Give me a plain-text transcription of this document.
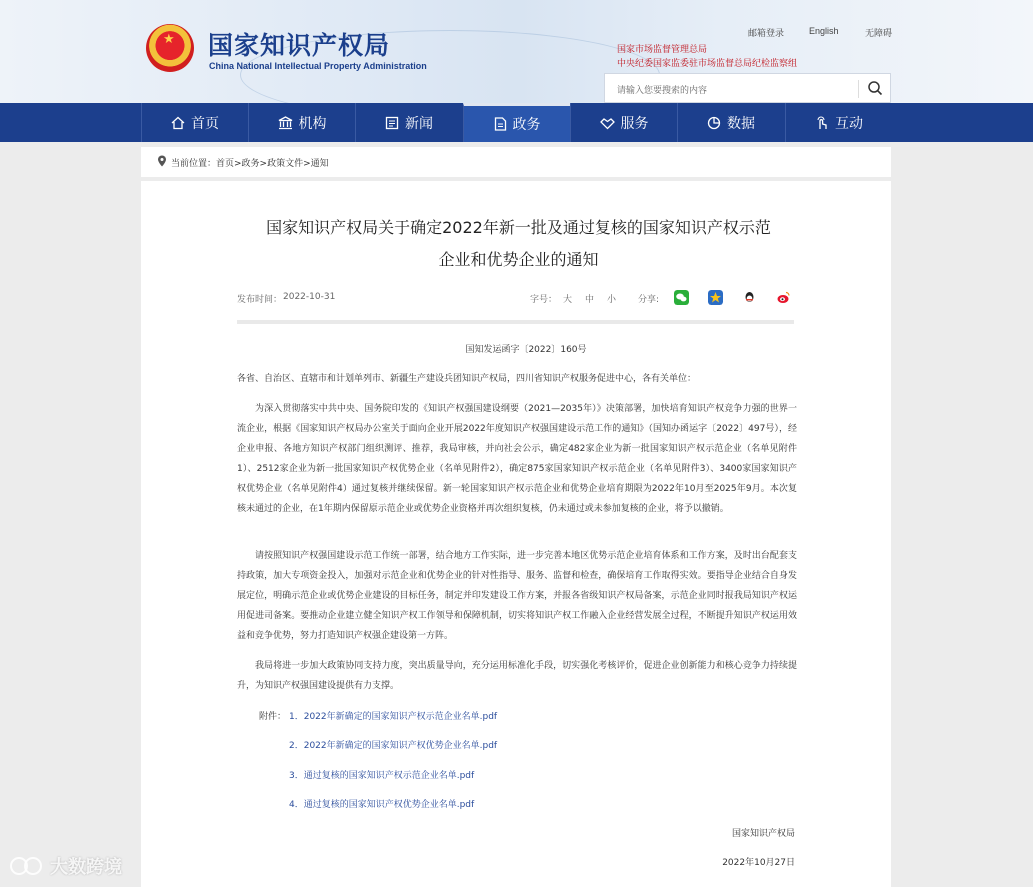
★ 国家知识产权局
China National Intellectual Property Administration
邮箱登录	English	无障碍
国家市场监督管理总局
中央纪委国家监委驻市场监督总局纪检监察组
请输入您要搜索的内容
首页	机构	新闻	政务	服务	数据	互动
当前位置：首页>政务>政策文件>通知
国家知识产权局关于确定2022年新一批及通过复核的国家知识产权示范
企业和优势企业的通知
发布时间： 2022-10-31	字号： 大 中 小 分享:
国知发运函字〔2022〕160号
各省、自治区、直辖市和计划单列市、新疆生产建设兵团知识产权局，四川省知识产权服务促进中心，各有关单位：
为深入贯彻落实中共中央、国务院印发的《知识产权强国建设纲要（2021—2035年）》决策部署，加快培育知识产权竞争力强的世界一流企业，根据《国家知识产权局办公室关于面向企业开展2022年度知识产权强国建设示范工作的通知》（国知办函运字〔2022〕497号），经企业申报、各地方知识产权部门组织测评、推荐，我局审核，并向社会公示，确定482家企业为新一批国家知识产权示范企业（名单见附件1）、2512家企业为新一批国家知识产权优势企业（名单见附件2），确定875家国家知识产权示范企业（名单见附件3）、3400家国家知识产权优势企业（名单见附件4）通过复核并继续保留。新一轮国家知识产权示范企业和优势企业培育期限为2022年10月至2025年9月。本次复核未通过的企业，在1年期内保留原示范企业或优势企业资格并再次组织复核，仍未通过或未参加复核的企业，将予以撤销。
请按照知识产权强国建设示范工作统一部署，结合地方工作实际，进一步完善本地区优势示范企业培育体系和工作方案，及时出台配套支持政策，加大专项资金投入，加强对示范企业和优势企业的针对性指导、服务、监督和检查，确保培育工作取得实效。要指导企业结合自身发展定位，明确示范企业或优势企业建设的目标任务，制定并印发建设工作方案，并报各省级知识产权局备案，示范企业同时报我局知识产权运用促进司备案。要推动企业建立健全知识产权工作领导和保障机制，切实将知识产权工作融入企业经营发展全过程，不断提升知识产权运用效益和竞争优势，努力打造知识产权强企建设第一方阵。
我局将进一步加大政策协同支持力度，突出质量导向，充分运用标准化手段，切实强化考核评价，促进企业创新能力和核心竞争力持续提升，为知识产权强国建设提供有力支撑。
附件： 1．2022年新确定的国家知识产权示范企业名单.pdf
2．2022年新确定的国家知识产权优势企业名单.pdf
3．通过复核的国家知识产权示范企业名单.pdf
4．通过复核的国家知识产权优势企业名单.pdf
国家知识产权局
2022年10月27日
大数跨境
